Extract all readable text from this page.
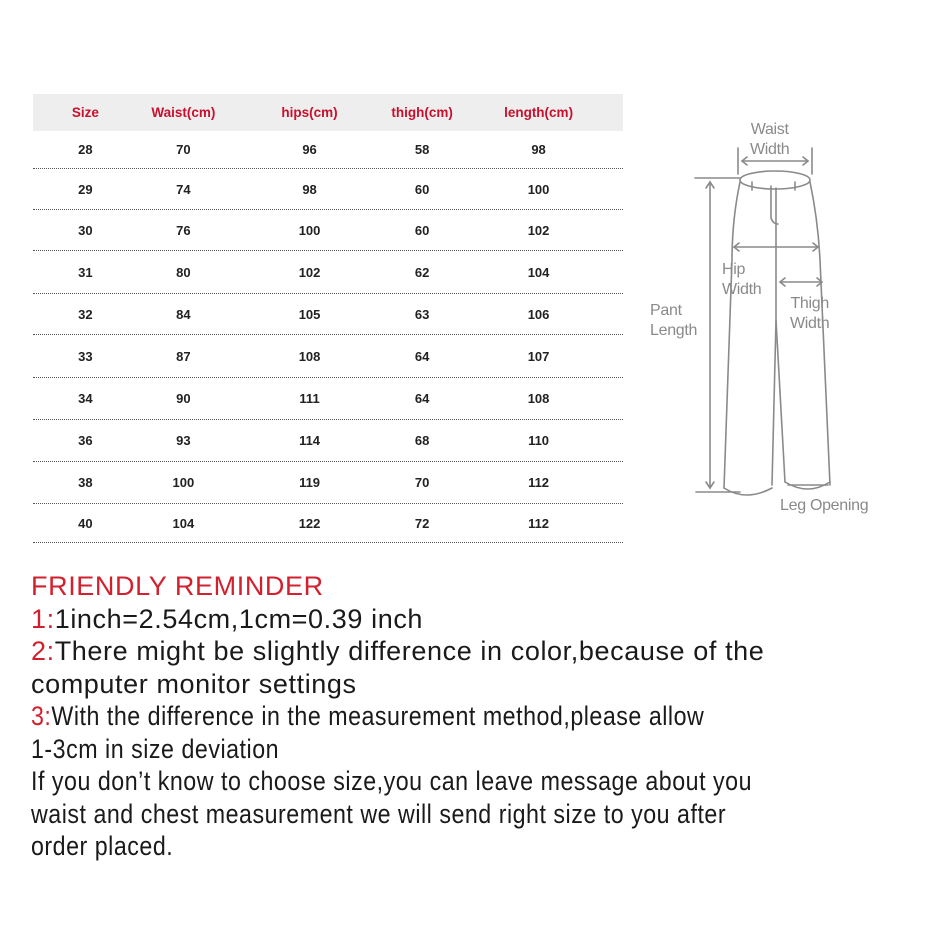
Size	Waist(cm)	hips(cm)	thigh(cm)	length(cm)
28	70	96	58	98
29	74	98	60	100
30	76	100	60	102
31	80	102	62	104
32	84	105	63	106
33	87	108	64	107
34	90	111	64	108
36	93	114	68	110
38	100	119	70	112
40	104	122	72	112
Waist
Width
Hip
Width
Thigh
Width
Pant
Length
Leg Opening

FRIENDLY REMINDER

1:1inch=2.54cm,1cm=0.39 inch

2:There might be slightly difference in color,because of the

computer monitor settings

3:With the difference in the measurement method,please allow

1-3cm in size deviation

If you don’t know to choose size,you can leave message about you

waist and chest measurement we will send right size to you after

order placed.
